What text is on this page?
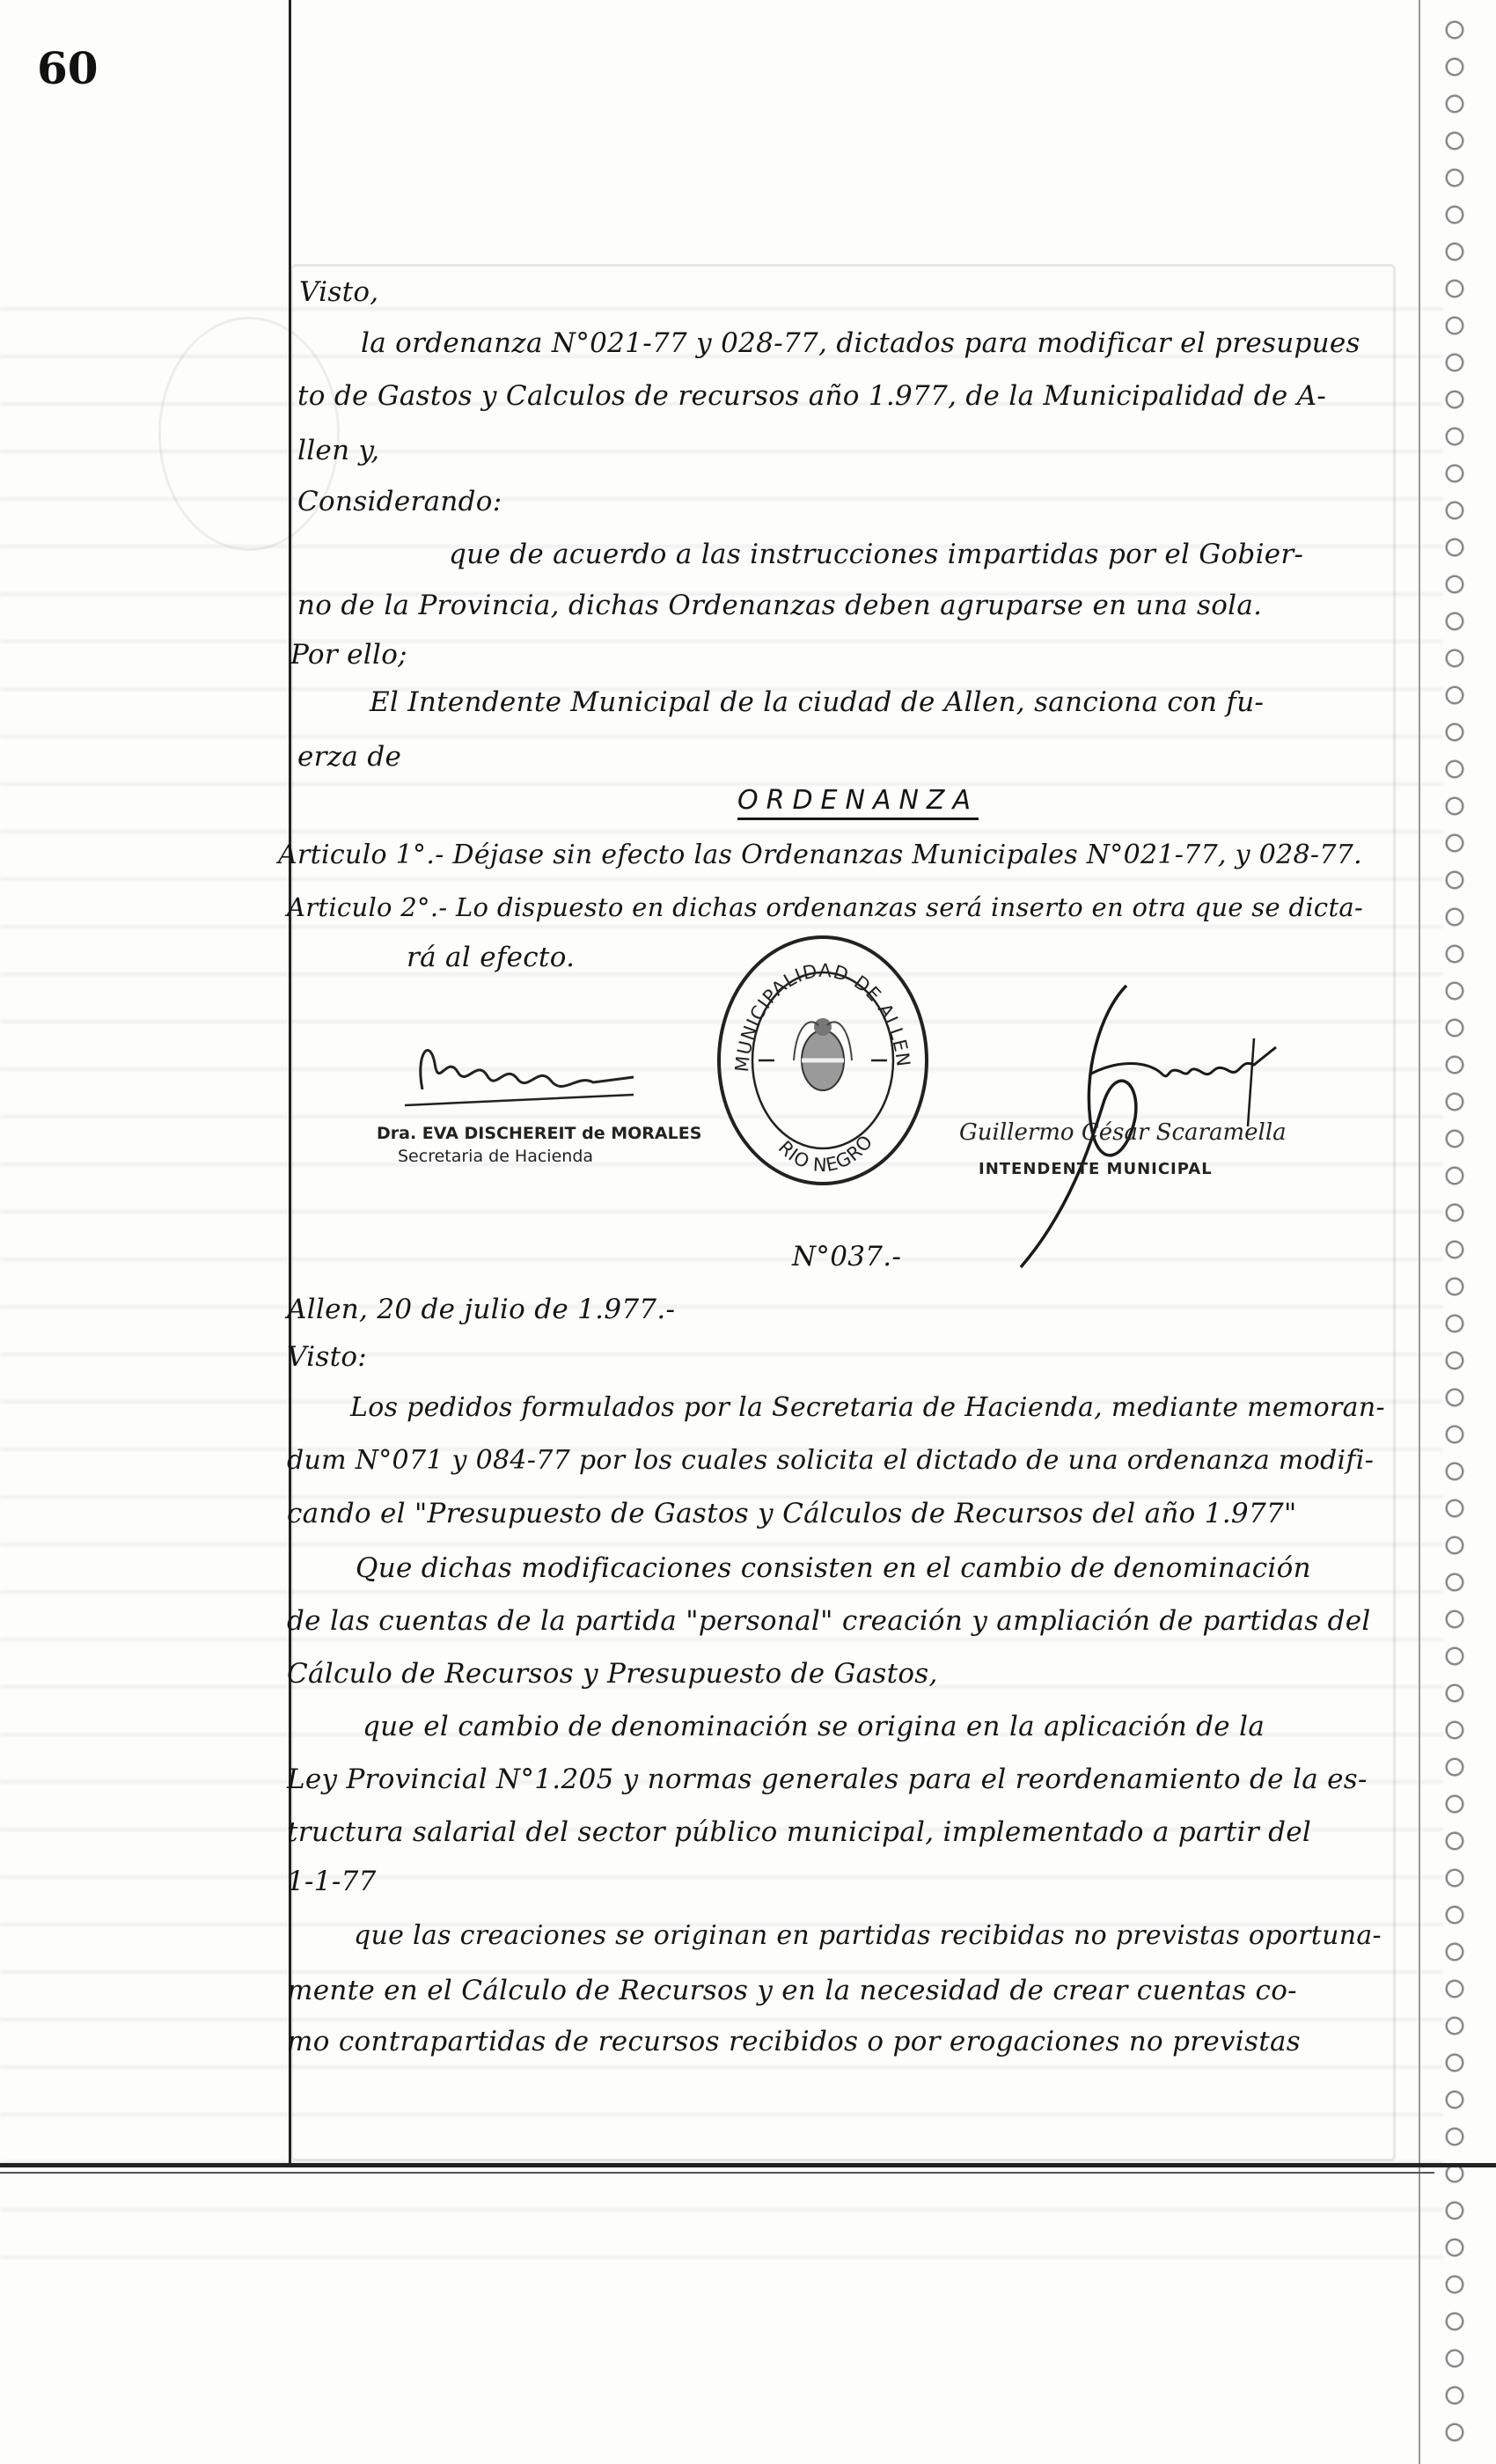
60
Visto,
la ordenanza N°021-77 y 028-77, dictados para modificar el presupues
to de Gastos y Calculos de recursos año 1.977, de la Municipalidad de A-
llen y,
Considerando:
que de acuerdo a las instrucciones impartidas por el Gobier-
no de la Provincia, dichas Ordenanzas deben agruparse en una sola.
Por ello;
El Intendente Municipal de la ciudad de Allen, sanciona con fu-
erza de
ORDENANZA
Articulo 1°.- Déjase sin efecto las Ordenanzas Municipales N°021-77, y 028-77.
Articulo 2°.- Lo dispuesto en dichas ordenanzas será inserto en otra que se dicta-
rá al efecto.
Dra. EVA DISCHEREIT de MORALES
Secretaria de Hacienda
MUNICIPALIDAD DE ALLEN
RIO NEGRO	Guillermo César Scaramella
INTENDENTE MUNICIPAL
N°037.-
Allen, 20 de julio de 1.977.-
Visto:
Los pedidos formulados por la Secretaria de Hacienda, mediante memoran-
dum N°071 y 084-77 por los cuales solicita el dictado de una ordenanza modifi-
cando el "Presupuesto de Gastos y Cálculos de Recursos del año 1.977"
Que dichas modificaciones consisten en el cambio de denominación
de las cuentas de la partida "personal" creación y ampliación de partidas del
Cálculo de Recursos y Presupuesto de Gastos,
que el cambio de denominación se origina en la aplicación de la
Ley Provincial N°1.205 y normas generales para el reordenamiento de la es-
tructura salarial del sector público municipal, implementado a partir del
1-1-77
que las creaciones se originan en partidas recibidas no previstas oportuna-
mente en el Cálculo de Recursos y en la necesidad de crear cuentas co-
mo contrapartidas de recursos recibidos o por erogaciones no previstas
